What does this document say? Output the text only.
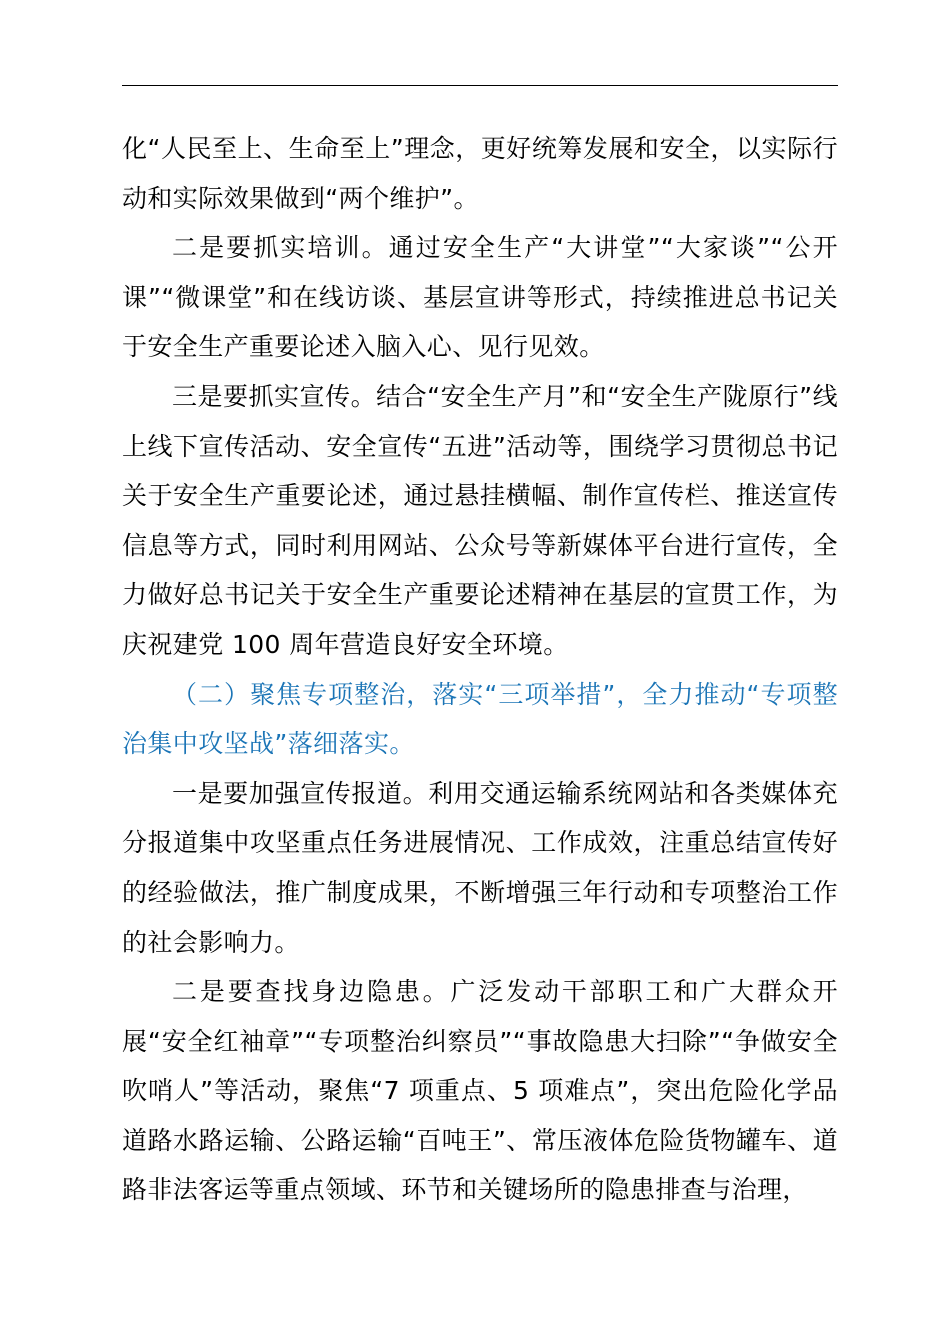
化“人民至上、生命至上”理念，更好统筹发展和安全，以实际行动和实际效果做到“两个维护”。

二是要抓实培训。通过安全生产“大讲堂”“大家谈”“公开课”“微课堂”和在线访谈、基层宣讲等形式，持续推进总书记关于安全生产重要论述入脑入心、见行见效。

三是要抓实宣传。结合“安全生产月”和“安全生产陇原行”线上线下宣传活动、安全宣传“五进”活动等，围绕学习贯彻总书记关于安全生产重要论述，通过悬挂横幅、制作宣传栏、推送宣传信息等方式，同时利用网站、公众号等新媒体平台进行宣传，全力做好总书记关于安全生产重要论述精神在基层的宣贯工作，为庆祝建党 100 周年营造良好安全环境。

（二）聚焦专项整治，落实“三项举措”，全力推动“专项整治集中攻坚战”落细落实。

一是要加强宣传报道。利用交通运输系统网站和各类媒体充分报道集中攻坚重点任务进展情况、工作成效，注重总结宣传好的经验做法，推广制度成果，不断增强三年行动和专项整治工作的社会影响力。

二是要查找身边隐患。广泛发动干部职工和广大群众开展“安全红袖章”“专项整治纠察员”“事故隐患大扫除”“争做安全吹哨人”等活动，聚焦“7 项重点、5 项难点”，突出危险化学品道路水路运输、公路运输“百吨王”、常压液体危险货物罐车、道路非法客运等重点领域、环节和关键场所的隐患排查与治理，
